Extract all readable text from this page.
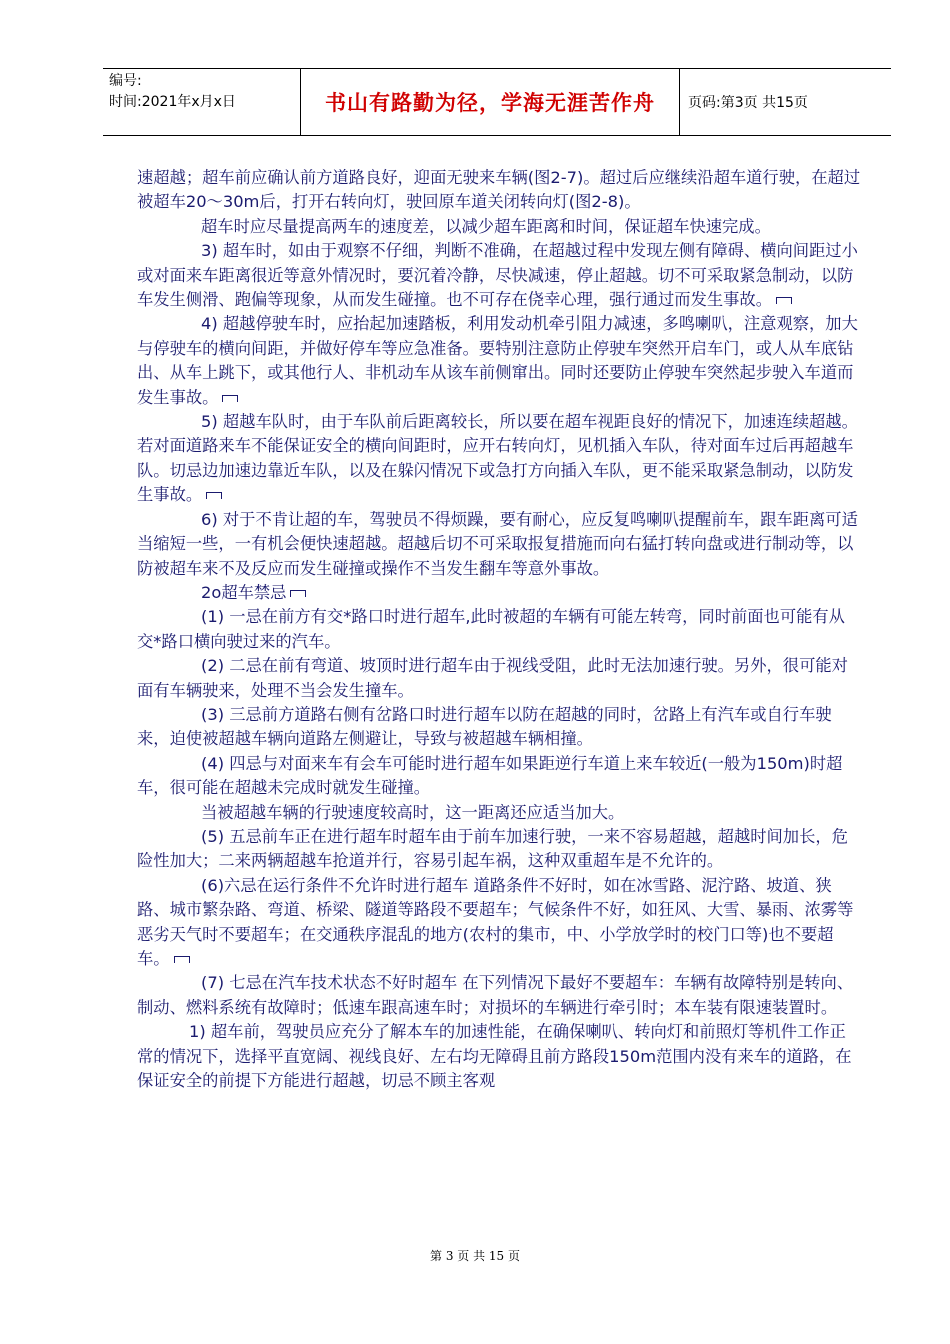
编号:
时间:2021年x月x日	书山有路勤为径，学海无涯苦作舟	页码:第3页 共15页

速超越；超车前应确认前方道路良好，迎面无驶来车辆(图2-7)。超过后应继续沿超车道行驶，在超过被超车20～30m后，打开右转向灯，驶回原车道关闭转向灯(图2-8)。

超车时应尽量提高两车的速度差，以减少超车距离和时间，保证超车快速完成。

3) 超车时，如由于观察不仔细，判断不准确，在超越过程中发现左侧有障碍、横向间距过小或对面来车距离很近等意外情况时，要沉着冷静，尽快减速，停止超越。切不可采取紧急制动，以防车发生侧滑、跑偏等现象，从而发生碰撞。也不可存在侥幸心理，强行通过而发生事故。

4) 超越停驶车时，应抬起加速踏板，利用发动机牵引阻力减速，多鸣喇叭，注意观察，加大与停驶车的横向间距，并做好停车等应急准备。要特别注意防止停驶车突然开启车门，或人从车底钻出、从车上跳下，或其他行人、非机动车从该车前侧窜出。同时还要防止停驶车突然起步驶入车道而发生事故。

5) 超越车队时，由于车队前后距离较长，所以要在超车视距良好的情况下，加速连续超越。若对面道路来车不能保证安全的横向间距时，应开右转向灯，见机插入车队，待对面车过后再超越车队。切忌边加速边靠近车队，以及在躲闪情况下或急打方向插入车队，更不能采取紧急制动，以防发生事故。

6) 对于不肯让超的车，驾驶员不得烦躁，要有耐心，应反复鸣喇叭提醒前车，跟车距离可适当缩短一些，一有机会便快速超越。超越后切不可采取报复措施而向右猛打转向盘或进行制动等，以防被超车来不及反应而发生碰撞或操作不当发生翻车等意外事故。

2o超车禁忌

(1) 一忌在前方有交*路口时进行超车,此时被超的车辆有可能左转弯，同时前面也可能有从交*路口横向驶过来的汽车。

(2) 二忌在前有弯道、坡顶时进行超车由于视线受阻，此时无法加速行驶。另外，很可能对面有车辆驶来，处理不当会发生撞车。

(3) 三忌前方道路右侧有岔路口时进行超车以防在超越的同时，岔路上有汽车或自行车驶来，迫使被超越车辆向道路左侧避让，导致与被超越车辆相撞。

(4) 四忌与对面来车有会车可能时进行超车如果距逆行车道上来车较近(一般为150m)时超车，很可能在超越未完成时就发生碰撞。

当被超越车辆的行驶速度较高时，这一距离还应适当加大。

(5) 五忌前车正在进行超车时超车由于前车加速行驶，一来不容易超越，超越时间加长，危险性加大；二来两辆超越车抢道并行，容易引起车祸，这种双重超车是不允许的。

(6)六忌在运行条件不允许时进行超车 道路条件不好时，如在冰雪路、泥泞路、坡道、狭路、城市繁杂路、弯道、桥梁、隧道等路段不要超车；气候条件不好，如狂风、大雪、暴雨、浓雾等恶劣天气时不要超车；在交通秩序混乱的地方(农村的集市，中、小学放学时的校门口等)也不要超车。

(7) 七忌在汽车技术状态不好时超车 在下列情况下最好不要超车：车辆有故障特别是转向、制动、燃料系统有故障时；低速车跟高速车时；对损坏的车辆进行牵引时；本车装有限速装置时。

1) 超车前，驾驶员应充分了解本车的加速性能，在确保喇叭、转向灯和前照灯等机件工作正常的情况下，选择平直宽阔、视线良好、左右均无障碍且前方路段150m范围内没有来车的道路，在保证安全的前提下方能进行超越，切忌不顾主客观

第 3 页 共 15 页
